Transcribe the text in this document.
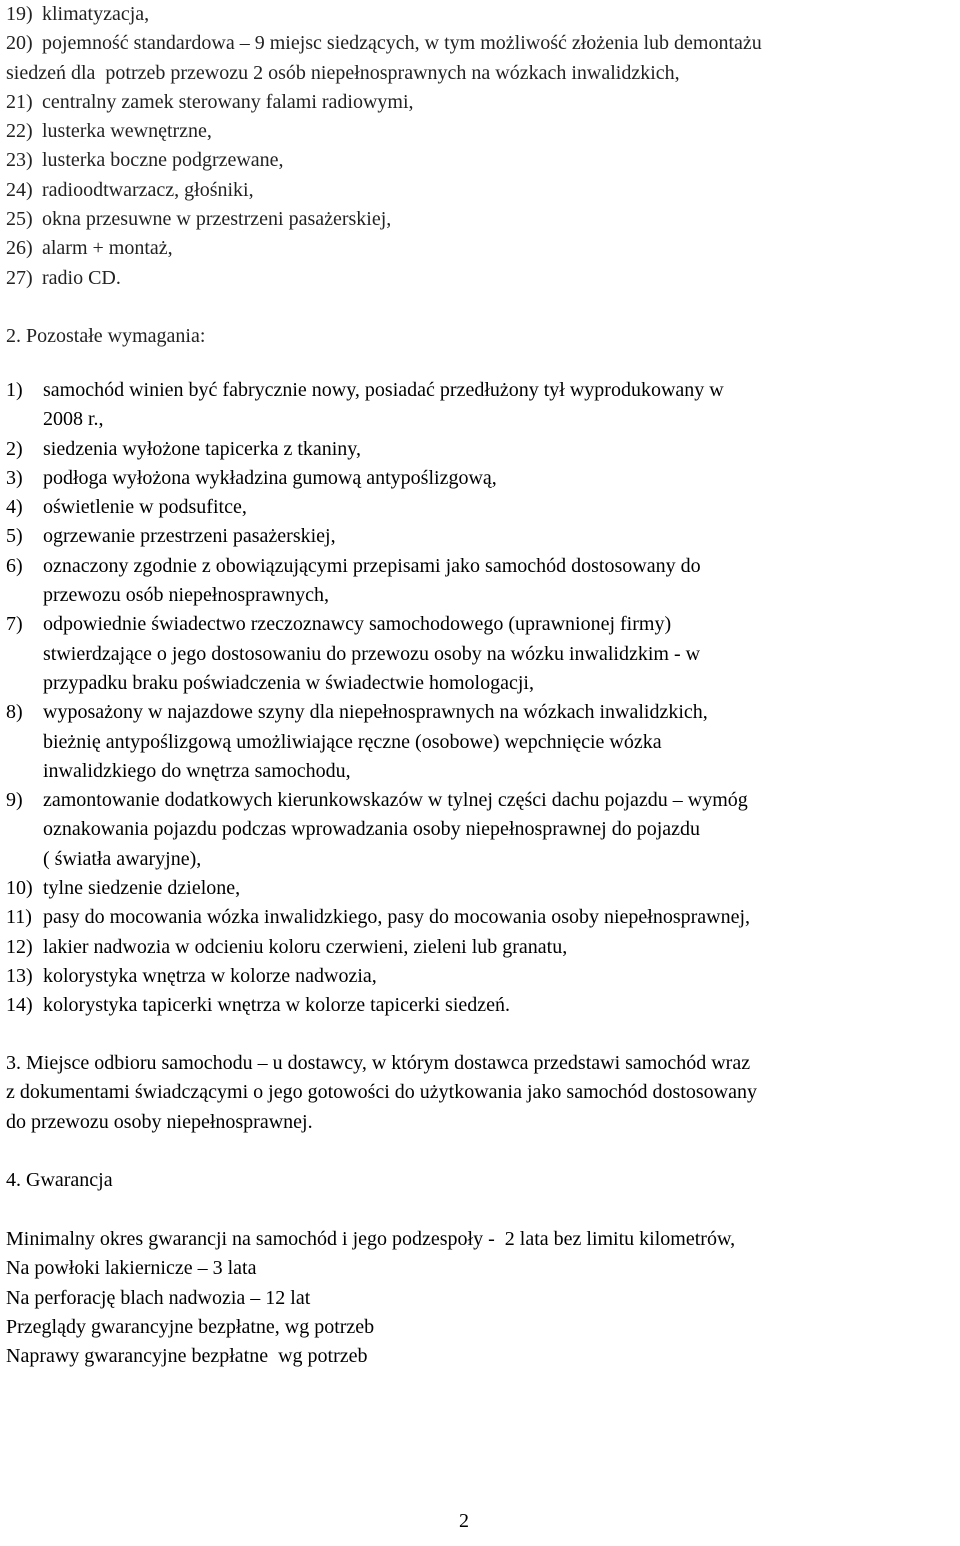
19) klimatyzacja,
20) pojemność standardowa – 9 miejsc siedzących, w tym możliwość złożenia lub demontażu
siedzeń dla  potrzeb przewozu 2 osób niepełnosprawnych na wózkach inwalidzkich,
21) centralny zamek sterowany falami radiowymi,
22) lusterka wewnętrzne,
23) lusterka boczne podgrzewane,
24) radioodtwarzacz, głośniki,
25) okna przesuwne w przestrzeni pasażerskiej,
26) alarm + montaż,
27) radio CD.
2. Pozostałe wymagania:
1)	samochód winien być fabrycznie nowy, posiadać przedłużony tył wyprodukowany w
2008 r.,
2)	siedzenia wyłożone tapicerka z tkaniny,
3)	podłoga wyłożona wykładzina gumową antypoślizgową,
4)	oświetlenie w podsufitce,
5)	ogrzewanie przestrzeni pasażerskiej,
6)	oznaczony zgodnie z obowiązującymi przepisami jako samochód dostosowany do
przewozu osób niepełnosprawnych,
7)	odpowiednie świadectwo rzeczoznawcy samochodowego (uprawnionej firmy)
stwierdzające o jego dostosowaniu do przewozu osoby na wózku inwalidzkim - w
przypadku braku poświadczenia w świadectwie homologacji,
8)	wyposażony w najazdowe szyny dla niepełnosprawnych na wózkach inwalidzkich,
bieżnię antypoślizgową umożliwiające ręczne (osobowe) wepchnięcie wózka
inwalidzkiego do wnętrza samochodu,
9)	zamontowanie dodatkowych kierunkowskazów w tylnej części dachu pojazdu – wymóg
oznakowania pojazdu podczas wprowadzania osoby niepełnosprawnej do pojazdu
( światła awaryjne),
10) tylne siedzenie dzielone,
11) pasy do mocowania wózka inwalidzkiego, pasy do mocowania osoby niepełnosprawnej,
12) lakier nadwozia w odcieniu koloru czerwieni, zieleni lub granatu,
13) kolorystyka wnętrza w kolorze nadwozia,
14) kolorystyka tapicerki wnętrza w kolorze tapicerki siedzeń.
3. Miejsce odbioru samochodu – u dostawcy, w którym dostawca przedstawi samochód wraz
z dokumentami świadczącymi o jego gotowości do użytkowania jako samochód dostosowany
do przewozu osoby niepełnosprawnej.
4. Gwarancja
Minimalny okres gwarancji na samochód i jego podzespoły -  2 lata bez limitu kilometrów,
Na powłoki lakiernicze – 3 lata
Na perforację blach nadwozia – 12 lat
Przeglądy gwarancyjne bezpłatne, wg potrzeb
Naprawy gwarancyjne bezpłatne  wg potrzeb
2
